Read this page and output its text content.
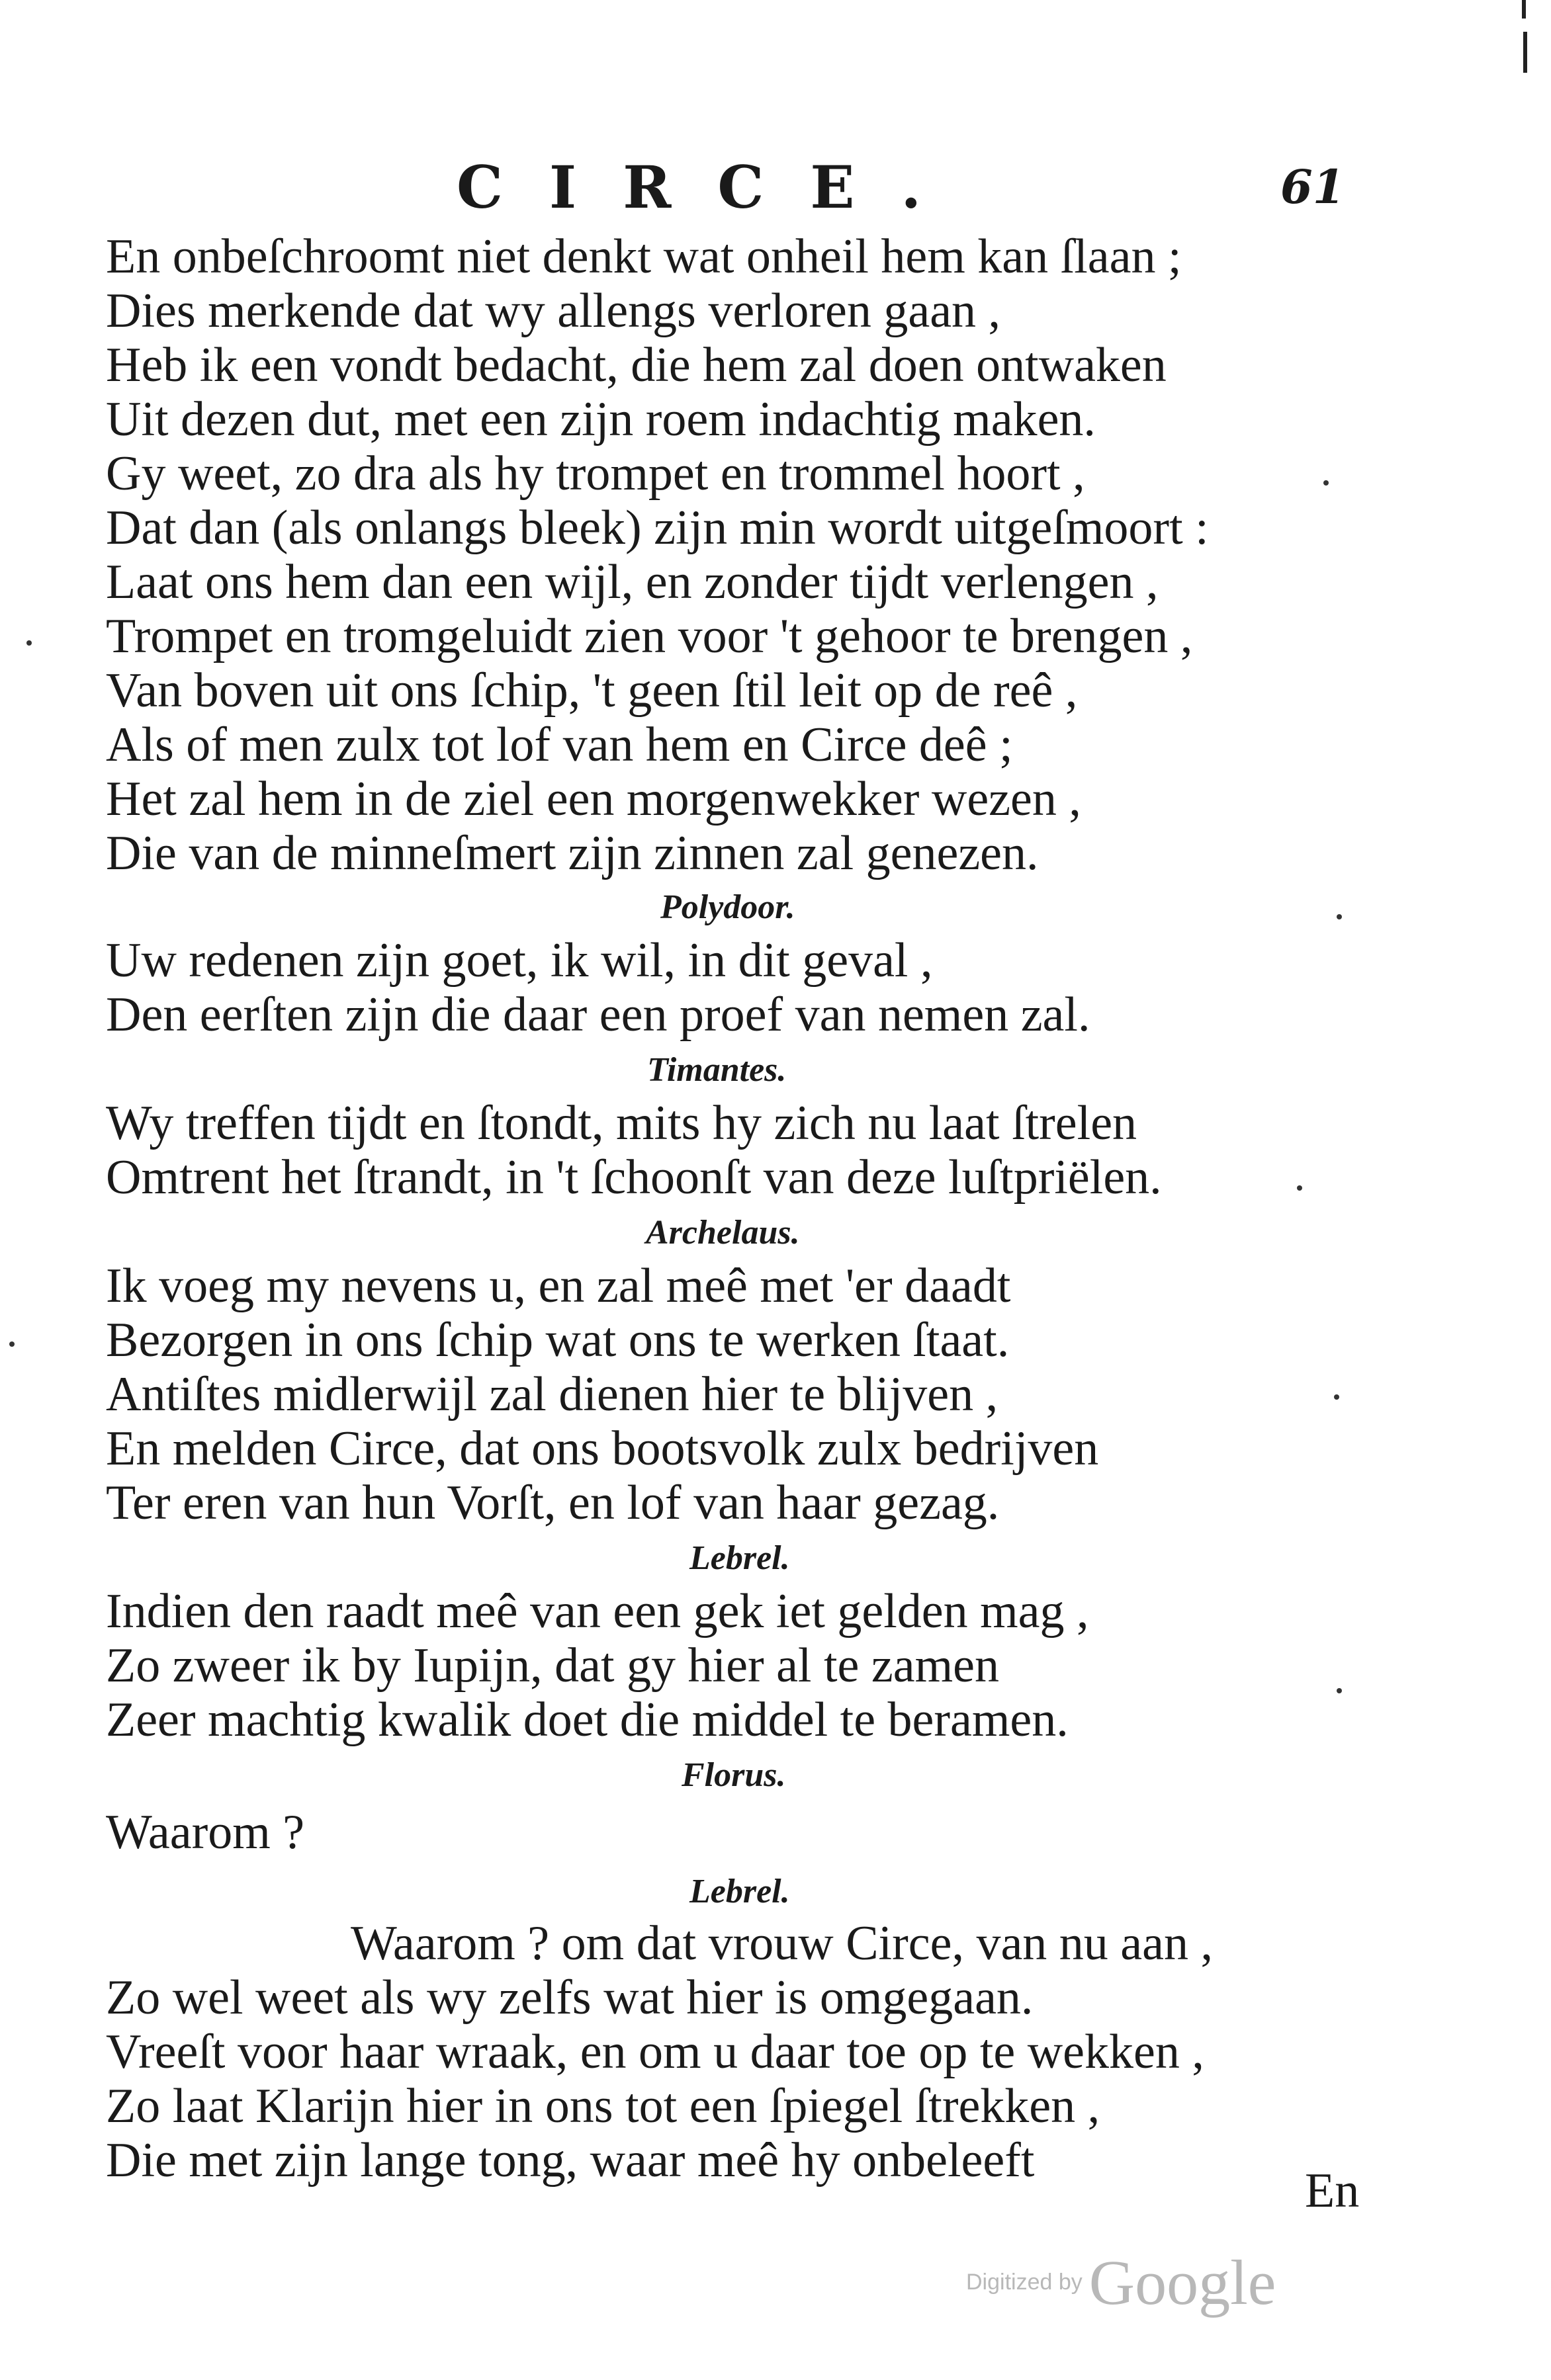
CIRCE.	61
En onbeſchroomt niet denkt wat onheil hem kan ſlaan ;
Dies merkende dat wy allengs verloren gaan ,
Heb ik een vondt bedacht, die hem zal doen ontwaken
Uit dezen dut, met een zijn roem indachtig maken.
Gy weet, zo dra als hy trompet en trommel hoort ,
Dat dan (als onlangs bleek) zijn min wordt uitgeſmoort :
Laat ons hem dan een wijl, en zonder tijdt verlengen ,
Trompet en tromgeluidt zien voor 't gehoor te brengen ,
Van boven uit ons ſchip, 't geen ſtil leit op de reê ,
Als of men zulx tot lof van hem en Circe deê ;
Het zal hem in de ziel een morgenwekker wezen ,
Die van de minneſmert zijn zinnen zal genezen.
Polydoor.
Uw redenen zijn goet, ik wil, in dit geval ,
Den eerſten zijn die daar een proef van nemen zal.
Timantes.
Wy treffen tijdt en ſtondt, mits hy zich nu laat ſtrelen
Omtrent het ſtrandt, in 't ſchoonſt van deze luſtpriëlen.
Archelaus.
Ik voeg my nevens u, en zal meê met 'er daadt
Bezorgen in ons ſchip wat ons te werken ſtaat.
Antiſtes midlerwijl zal dienen hier te blijven ,
En melden Circe, dat ons bootsvolk zulx bedrijven
Ter eren van hun Vorſt, en lof van haar gezag.
Lebrel.
Indien den raadt meê van een gek iet gelden mag ,
Zo zweer ik by Iupijn, dat gy hier al te zamen
Zeer machtig kwalik doet die middel te beramen.
Florus.
Waarom ?
Lebrel.
Waarom ? om dat vrouw Circe, van nu aan ,
Zo wel weet als wy zelfs wat hier is omgegaan.
Vreeſt voor haar wraak, en om u daar toe op te wekken ,
Zo laat Klarijn hier in ons tot een ſpiegel ſtrekken ,
Die met zijn lange tong, waar meê hy onbeleeft
En
Digitized by Google
